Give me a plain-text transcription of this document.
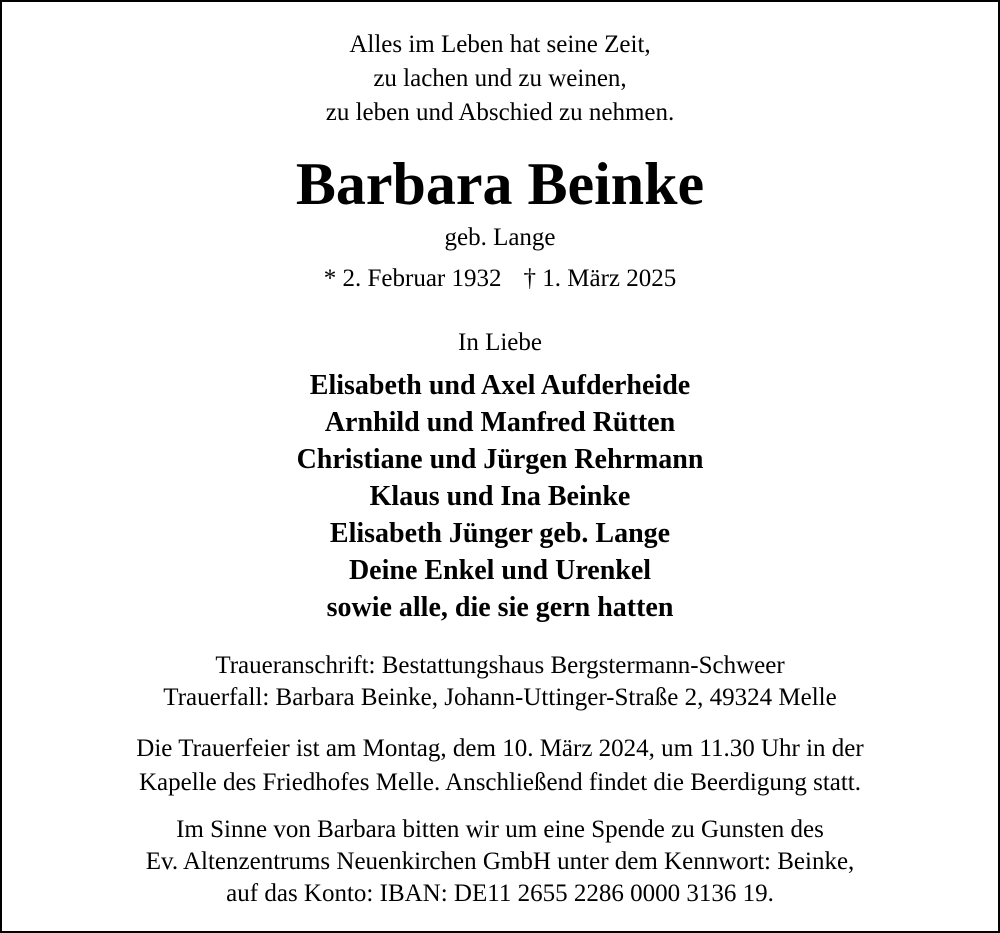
Alles im Leben hat seine Zeit,
zu lachen und zu weinen,
zu leben und Abschied zu nehmen.
Barbara Beinke
geb. Lange
* 2. Februar 1932 † 1. März 2025
In Liebe
Elisabeth und Axel Aufderheide
Arnhild und Manfred Rütten
Christiane und Jürgen Rehrmann
Klaus und Ina Beinke
Elisabeth Jünger geb. Lange
Deine Enkel und Urenkel
sowie alle, die sie gern hatten
Traueranschrift: Bestattungshaus Bergstermann-Schweer
Trauerfall: Barbara Beinke, Johann-Uttinger-Straße 2, 49324 Melle
Die Trauerfeier ist am Montag, dem 10. März 2024, um 11.30 Uhr in der
Kapelle des Friedhofes Melle. Anschließend findet die Beerdigung statt.
Im Sinne von Barbara bitten wir um eine Spende zu Gunsten des
Ev. Altenzentrums Neuenkirchen GmbH unter dem Kennwort: Beinke,
auf das Konto: IBAN: DE11 2655 2286 0000 3136 19.
